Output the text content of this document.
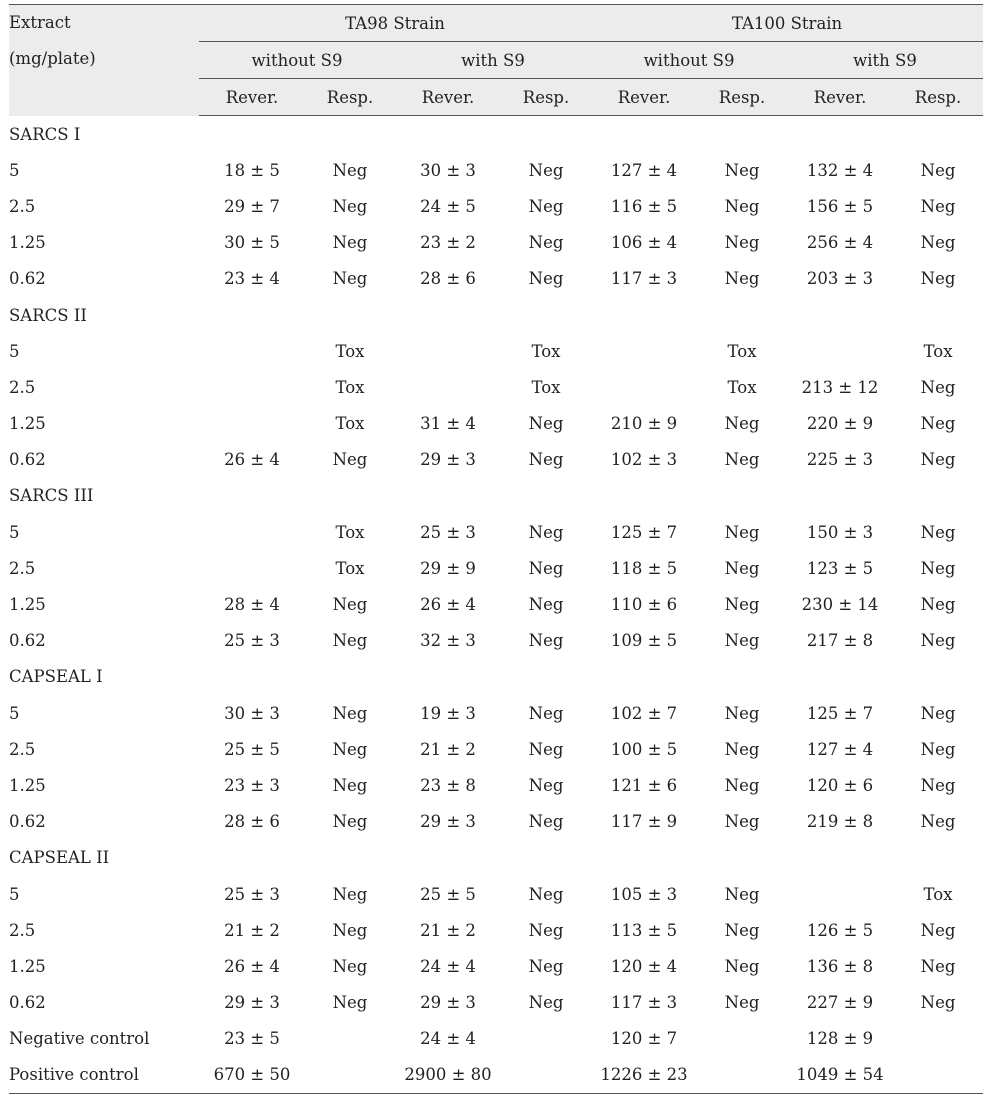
Extract
(mg/plate)	TA98 Strain				TA100 Strain			
	without S9		with S9		without S9		with S9	
	Rever.	Resp.	Rever.	Resp.	Rever.	Resp.	Rever.	Resp.
SARCS I								
5	18 ± 5	Neg	30 ± 3	Neg	127 ± 4	Neg	132 ± 4	Neg
2.5	29 ± 7	Neg	24 ± 5	Neg	116 ± 5	Neg	156 ± 5	Neg
1.25	30 ± 5	Neg	23 ± 2	Neg	106 ± 4	Neg	256 ± 4	Neg
0.62	23 ± 4	Neg	28 ± 6	Neg	117 ± 3	Neg	203 ± 3	Neg
SARCS II								
5		Tox		Tox		Tox		Tox
2.5		Tox		Tox		Tox	213 ± 12	Neg
1.25		Tox	31 ± 4	Neg	210 ± 9	Neg	220 ± 9	Neg
0.62	26 ± 4	Neg	29 ± 3	Neg	102 ± 3	Neg	225 ± 3	Neg
SARCS III								
5		Tox	25 ± 3	Neg	125 ± 7	Neg	150 ± 3	Neg
2.5		Tox	29 ± 9	Neg	118 ± 5	Neg	123 ± 5	Neg
1.25	28 ± 4	Neg	26 ± 4	Neg	110 ± 6	Neg	230 ± 14	Neg
0.62	25 ± 3	Neg	32 ± 3	Neg	109 ± 5	Neg	217 ± 8	Neg
CAPSEAL I								
5	30 ± 3	Neg	19 ± 3	Neg	102 ± 7	Neg	125 ± 7	Neg
2.5	25 ± 5	Neg	21 ± 2	Neg	100 ± 5	Neg	127 ± 4	Neg
1.25	23 ± 3	Neg	23 ± 8	Neg	121 ± 6	Neg	120 ± 6	Neg
0.62	28 ± 6	Neg	29 ± 3	Neg	117 ± 9	Neg	219 ± 8	Neg
CAPSEAL II								
5	25 ± 3	Neg	25 ± 5	Neg	105 ± 3	Neg		Tox
2.5	21 ± 2	Neg	21 ± 2	Neg	113 ± 5	Neg	126 ± 5	Neg
1.25	26 ± 4	Neg	24 ± 4	Neg	120 ± 4	Neg	136 ± 8	Neg
0.62	29 ± 3	Neg	29 ± 3	Neg	117 ± 3	Neg	227 ± 9	Neg
Negative control	23 ± 5		24 ± 4		120 ± 7		128 ± 9	
Positive control	670 ± 50		2900 ± 80		1226 ± 23		1049 ± 54	
